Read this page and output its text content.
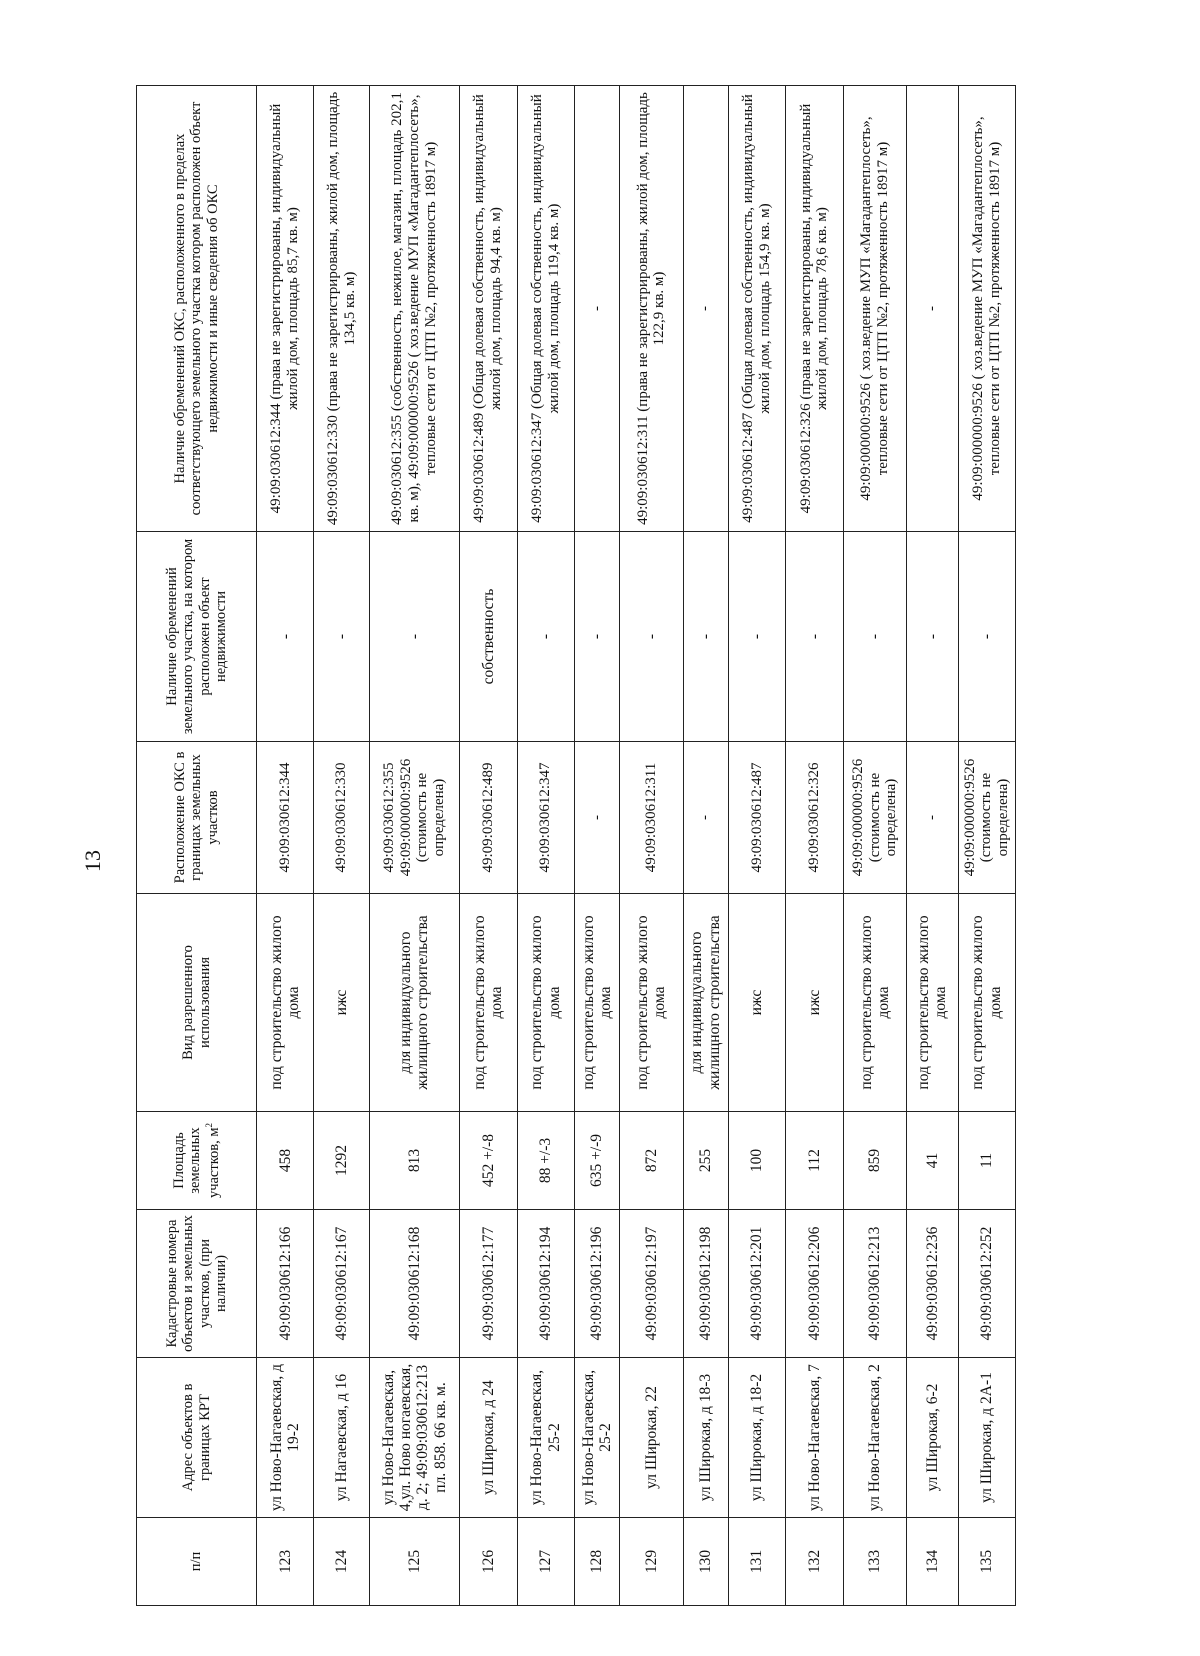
13
п/п	Адрес объектов в границах КРТ	Кадастровые номера объектов и земельных участков, (при наличии)	Площадь земельных участков, $м^2$	Вид разрешенного использования	Расположение ОКС в границах земельных участков	Наличие обременений земельного участка, на котором расположен объект недвижимости	Наличие обременений ОКС, расположенного в пределах соответствующего земельного участка котором расположен объект недвижимости и иные сведения об ОКС
123	ул Ново-Нагаевская, д 19-2	49:09:030612:166	458	под строительство жилого дома	49:09:030612:344	-	49:09:030612:344 (права не зарегистрированы, индивидуальный жилой дом, площадь 85,7 кв. м)
124	ул Нагаевская, д 16	49:09:030612:167	1292	ижс	49:09:030612:330	-	49:09:030612:330 (права не зарегистрированы, жилой дом, площадь 134,5 кв. м)
125	ул Ново-Нагаевская, 4,ул. Ново ногаевская, д. 2; 49:09:030612:213 пл. 858. 66 кв. м.	49:09:030612:168	813	для индивидуального жилищного строительства	49:09:030612:355 49:09:000000:9526 (стоимость не определена)	-	49:09:030612:355 (собственность, нежилое, магазин, площадь 202,1 кв. м), 49:09:000000:9526 ( хоз.ведение МУП «Магадантеплосеть», тепловые сети от ЦТП №2, протяженность 18917 м)
126	ул Широкая, д 24	49:09:030612:177	452 +/-8	под строительство жилого дома	49:09:030612:489	собственность	49:09:030612:489 (Общая долевая собственность, индивидуальный жилой дом, площадь 94,4 кв. м)
127	ул Ново-Нагаевская, 25-2	49:09:030612:194	88 +/-3	под строительство жилого дома	49:09:030612:347	-	49:09:030612:347 (Общая долевая собственность, индивидуальный жилой дом, площадь 119,4 кв. м)
128	ул Ново-Нагаевская, 25-2	49:09:030612:196	635 +/-9	под строительство жилого дома	-	-	-
129	ул Широкая, 22	49:09:030612:197	872	под строительство жилого дома	49:09:030612:311	-	49:09:030612:311 (права не зарегистрированы, жилой дом, площадь 122,9 кв. м)
130	ул Широкая, д 18-3	49:09:030612:198	255	для индивидуального жилищного строительства	-	-	-
131	ул Широкая, д 18-2	49:09:030612:201	100	ижс	49:09:030612:487	-	49:09:030612:487 (Общая долевая собственность, индивидуальный жилой дом, площадь 154,9 кв. м)
132	ул Ново-Нагаевская, 7	49:09:030612:206	112	ижс	49:09:030612:326	-	49:09:030612:326 (права не зарегистрированы, индивидуальный жилой дом, площадь 78,6 кв. м)
133	ул Ново-Нагаевская, 2	49:09:030612:213	859	под строительство жилого дома	49:09:000000:9526 (стоимость не определена)	-	49:09:000000:9526 ( хоз.ведение МУП «Магадантеплосеть», тепловые сети от ЦТП №2, протяженность 18917 м)
134	ул Широкая, 6-2	49:09:030612:236	41	под строительство жилого дома	-	-	-
135	ул Широкая, д 2А-1	49:09:030612:252	11	под строительство жилого дома	49:09:000000:9526 (стоимость не определена)	-	49:09:000000:9526 ( хоз.ведение МУП «Магадантеплосеть», тепловые сети от ЦТП №2, протяженность 18917 м)
